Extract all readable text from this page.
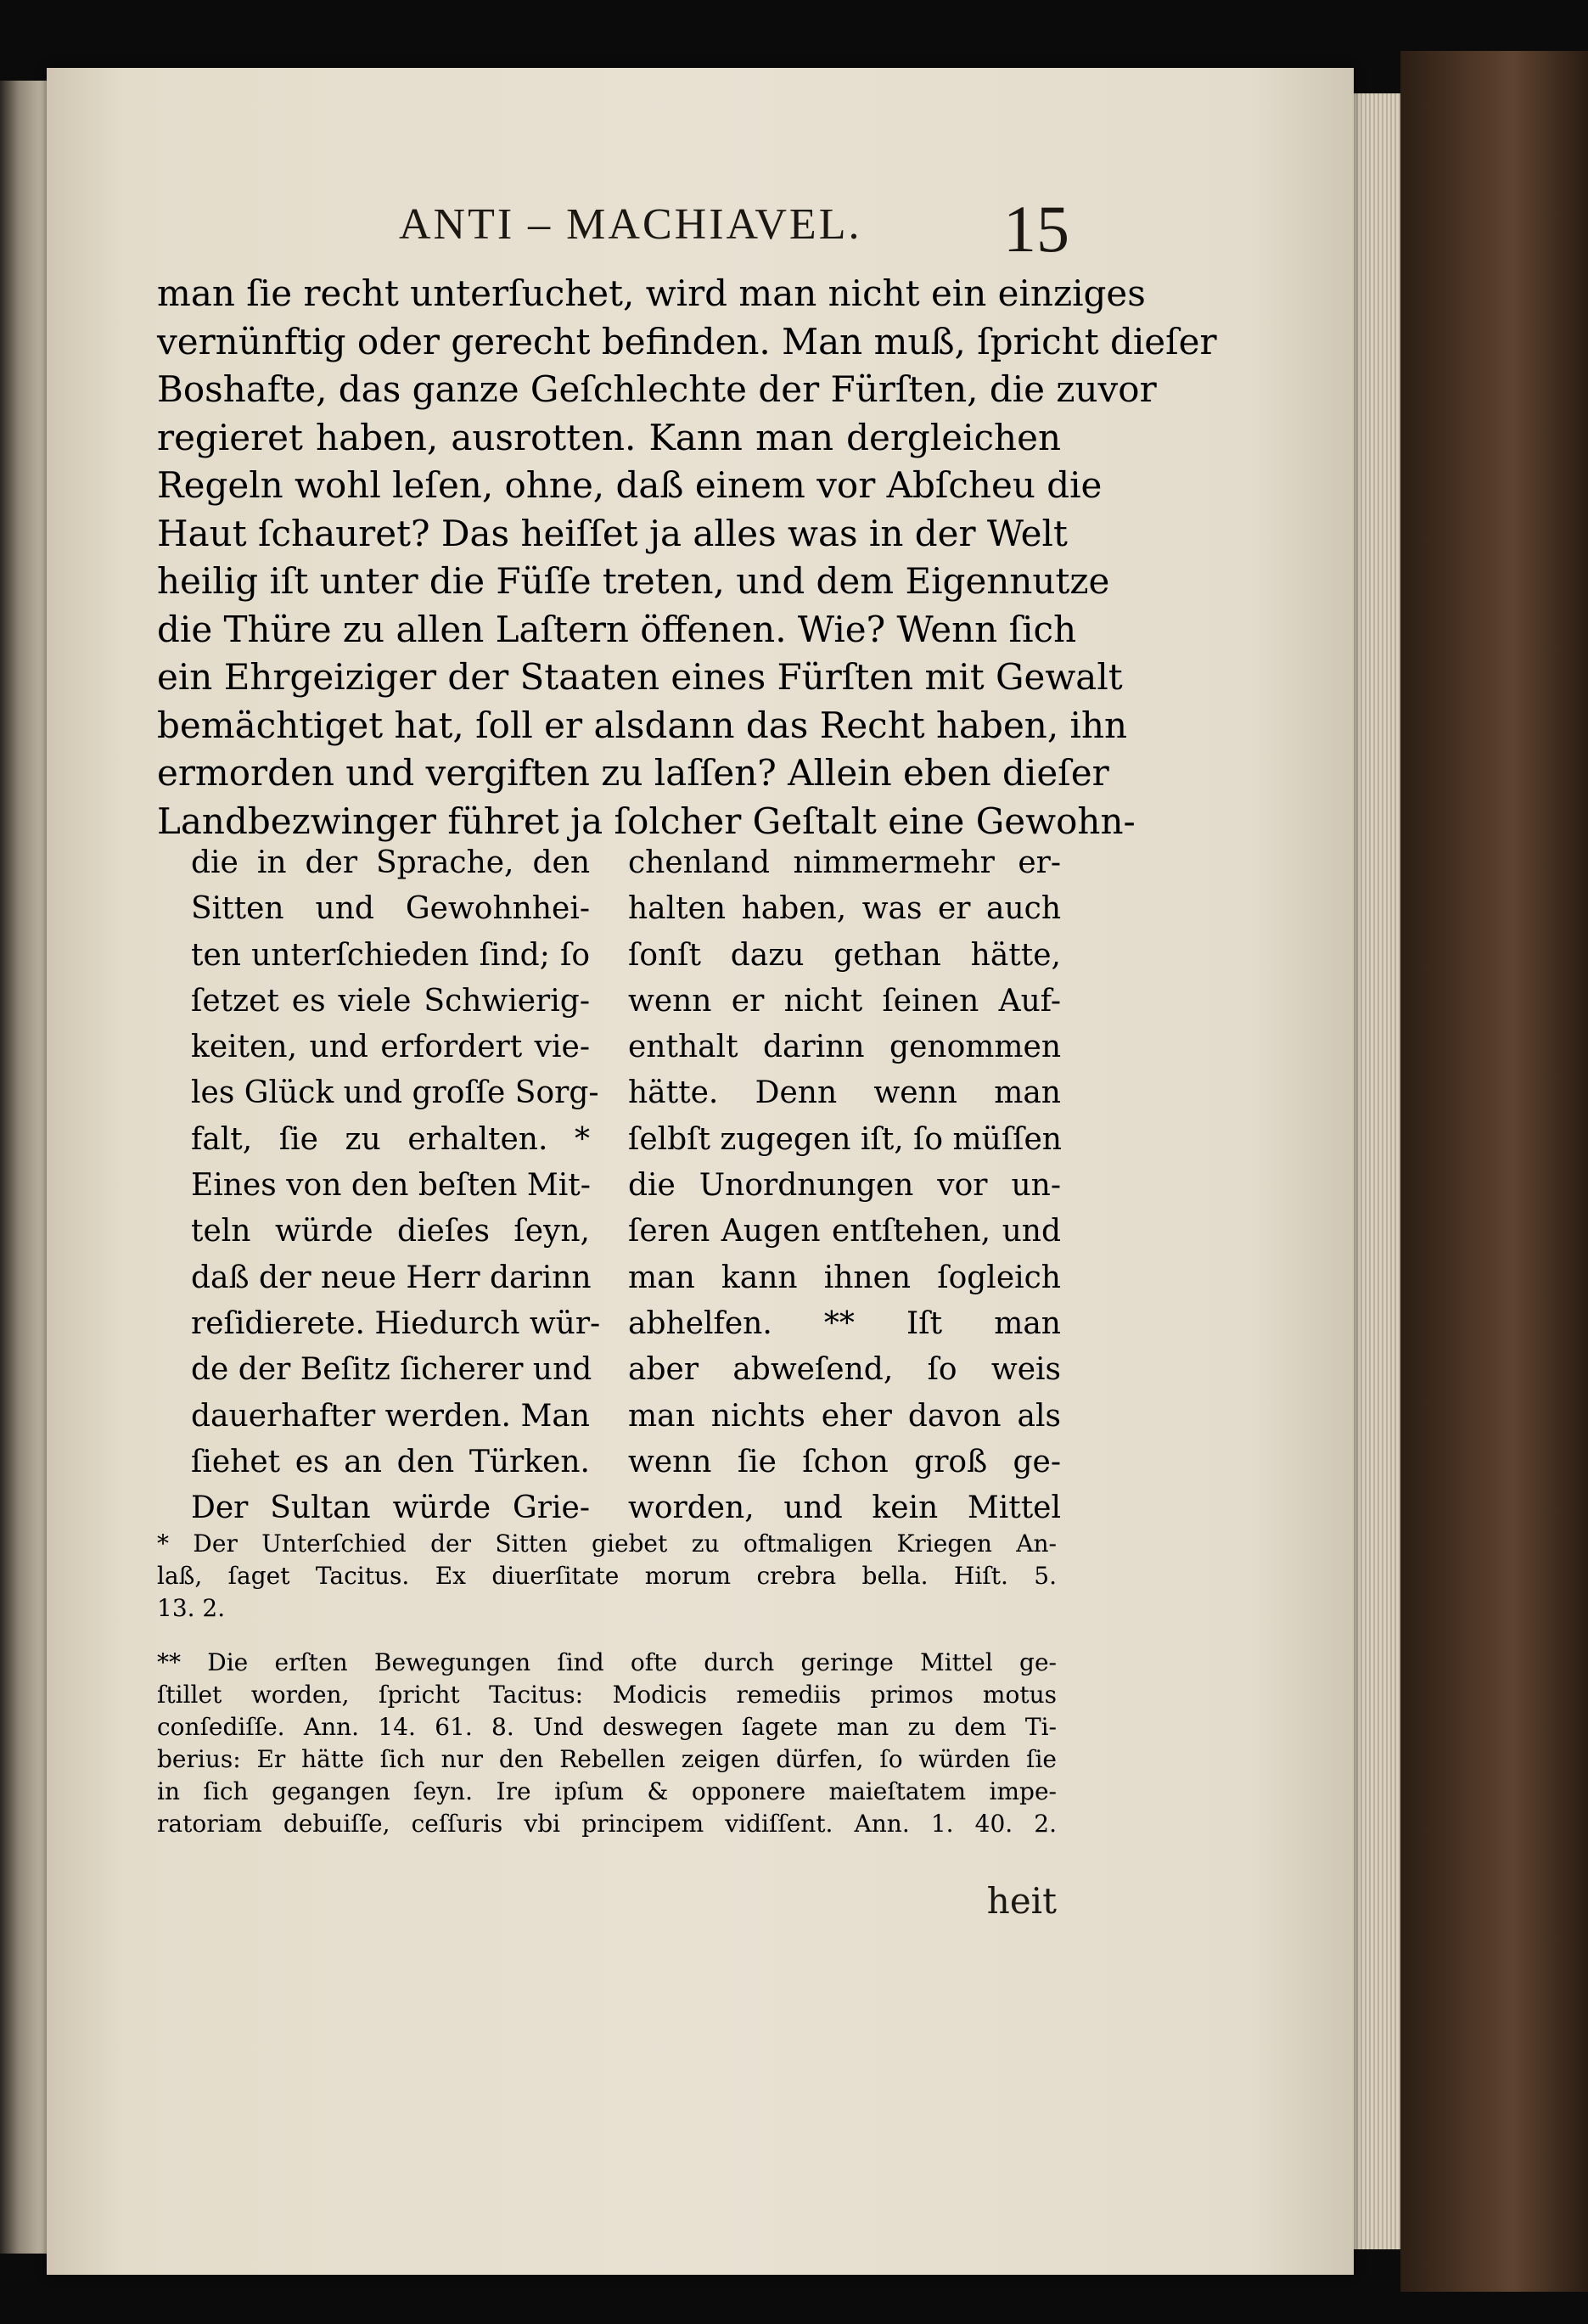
ANTI – MACHIAVEL.	15
man ſie recht unterſuchet, wird man nicht ein einziges
vernünftig oder gerecht befinden. Man muß, ſpricht dieſer
Boshafte, das ganze Geſchlechte der Fürſten, die zuvor
regieret haben, ausrotten. Kann man dergleichen
Regeln wohl leſen, ohne, daß einem vor Abſcheu die
Haut ſchauret? Das heiſſet ja alles was in der Welt
heilig iſt unter die Füſſe treten, und dem Eigennutze
die Thüre zu allen Laſtern öffenen. Wie? Wenn ſich
ein Ehrgeiziger der Staaten eines Fürſten mit Gewalt
bemächtiget hat, ſoll er alsdann das Recht haben, ihn
ermorden und vergiften zu laſſen? Allein eben dieſer
Landbezwinger führet ja ſolcher Geſtalt eine Gewohn-
die in der Sprache, den
Sitten und Gewohnhei-
ten unterſchieden ſind; ſo
ſetzet es viele Schwierig-
keiten, und erfordert vie-
les Glück und groſſe Sorg-
falt, ſie zu erhalten. *
Eines von den beſten Mit-
teln würde dieſes ſeyn,
daß der neue Herr darinn
reſidierete. Hiedurch wür-
de der Beſitz ſicherer und
dauerhafter werden. Man
ſiehet es an den Türken.
Der Sultan würde Grie-
chenland nimmermehr er-
halten haben, was er auch
ſonſt dazu gethan hätte,
wenn er nicht ſeinen Auf-
enthalt darinn genommen
hätte. Denn wenn man
ſelbſt zugegen iſt, ſo müſſen
die Unordnungen vor un-
ſeren Augen entſtehen, und
man kann ihnen ſogleich
abhelfen. ** Iſt man
aber abweſend, ſo weis
man nichts eher davon als
wenn ſie ſchon groß ge-
worden, und kein Mittel
* Der Unterſchied der Sitten giebet zu oftmaligen Kriegen An-
laß, ſaget Tacitus. Ex diuerſitate morum crebra bella. Hiſt. 5.
13. 2.
** Die erſten Bewegungen ſind ofte durch geringe Mittel ge-
ſtillet worden, ſpricht Tacitus: Modicis remediis primos motus
conſediſſe. Ann. 14. 61. 8. Und deswegen ſagete man zu dem Ti-
berius: Er hätte ſich nur den Rebellen zeigen dürfen, ſo würden ſie
in ſich gegangen ſeyn. Ire ipſum & opponere maieſtatem impe-
ratoriam debuiſſe, ceſſuris vbi principem vidiſſent. Ann. 1. 40. 2.
heit
